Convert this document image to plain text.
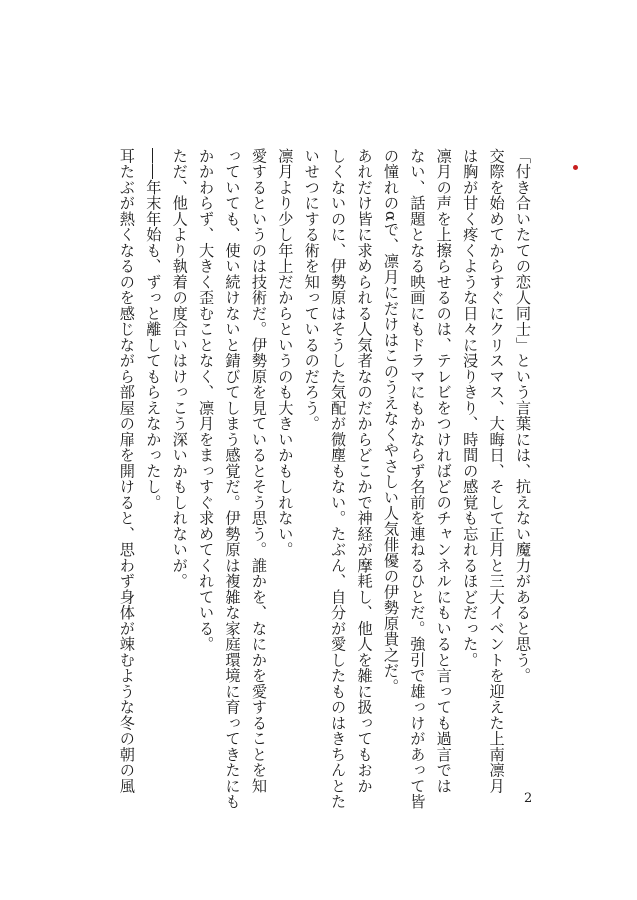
「付き合いたての恋人同士」という言葉には、抗えない魔力があると思う。
交際を始めてからすぐにクリスマス、大晦日、そして正月と三大イベントを迎えた上南凛月
は胸が甘く疼くような日々に浸りきり、時間の感覚も忘れるほどだった。
凛月の声を上擦らせるのは、テレビをつければどのチャンネルにもいると言っても過言では
ない、話題となる映画にもドラマにもかならず名前を連ねるひとだ。強引で雄っけがあって皆
の憧れのαで、凛月にだけはこのうえなくやさしい人気俳優の伊勢原貴之だ。
あれだけ皆に求められる人気者なのだからどこかで神経が摩耗し、他人を雑に扱ってもおか
しくないのに、伊勢原はそうした気配が微塵もない。たぶん、自分が愛したものはきちんとた
いせつにする術を知っているのだろう。
凛月より少し年上だからというのも大きいかもしれない。
愛するというのは技術だ。伊勢原を見ているとそう思う。誰かを、なにかを愛することを知
っていても、使い続けないと錆びてしまう感覚だ。伊勢原は複雑な家庭環境に育ってきたにも
かかわらず、大きく歪むことなく、凛月をまっすぐ求めてくれている。
ただ、他人より執着の度合いはけっこう深いかもしれないが。
――年末年始も、ずっと離してもらえなかったし。
耳たぶが熱くなるのを感じながら部屋の扉を開けると、思わず身体が竦むような冬の朝の風
2
